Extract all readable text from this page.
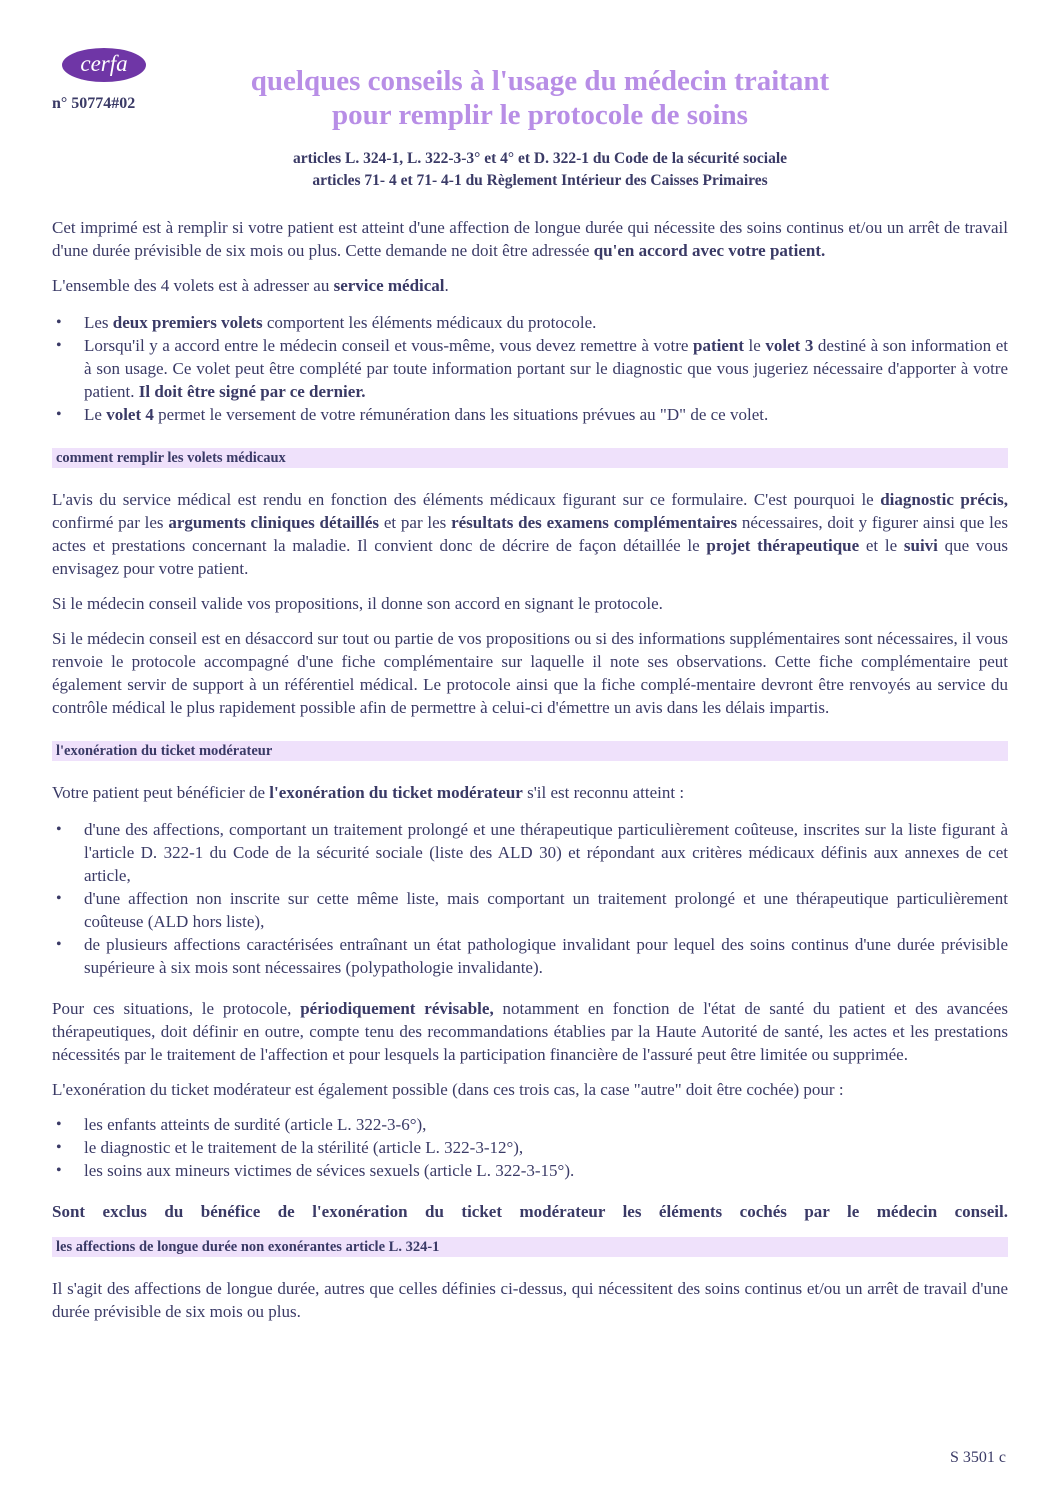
cerfa
n° 50774#02
quelques conseils à l'usage du médecin traitant
pour remplir le protocole de soins
articles L. 324-1, L. 322-3-3° et 4° et D. 322-1 du Code de la sécurité sociale
articles 71- 4 et 71- 4-1 du Règlement Intérieur des Caisses Primaires

Cet imprimé est à remplir si votre patient est atteint d'une affection de longue durée qui nécessite des soins continus et/ou un arrêt de travail d'une durée prévisible de six mois ou plus. Cette demande ne doit être adressée qu'en accord avec votre patient.

L'ensemble des 4 volets est à adresser au service médical.

• Les deux premiers volets comportent les éléments médicaux du protocole.
• Lorsqu'il y a accord entre le médecin conseil et vous-même, vous devez remettre à votre patient le volet 3 destiné à son information et à son usage. Ce volet peut être complété par toute information portant sur le diagnostic que vous jugeriez nécessaire d'apporter à votre patient. Il doit être signé par ce dernier.
• Le volet 4 permet le versement de votre rémunération dans les situations prévues au "D" de ce volet.
comment remplir les volets médicaux

L'avis du service médical est rendu en fonction des éléments médicaux figurant sur ce formulaire. C'est pourquoi le diagnostic précis, confirmé par les arguments cliniques détaillés et par les résultats des examens complémentaires nécessaires, doit y figurer ainsi que les actes et prestations concernant la maladie. Il convient donc de décrire de façon détaillée le projet thérapeutique et le suivi que vous envisagez pour votre patient.

Si le médecin conseil valide vos propositions, il donne son accord en signant le protocole.

Si le médecin conseil est en désaccord sur tout ou partie de vos propositions ou si des informations supplémentaires sont nécessaires, il vous renvoie le protocole accompagné d'une fiche complémentaire sur laquelle il note ses observations. Cette fiche complémentaire peut également servir de support à un référentiel médical. Le protocole ainsi que la fiche complé-mentaire devront être renvoyés au service du contrôle médical le plus rapidement possible afin de permettre à celui-ci d'émettre un avis dans les délais impartis.

l'exonération du ticket modérateur

Votre patient peut bénéficier de l'exonération du ticket modérateur s'il est reconnu atteint :

• d'une des affections, comportant un traitement prolongé et une thérapeutique particulièrement coûteuse, inscrites sur la liste figurant à l'article D. 322-1 du Code de la sécurité sociale (liste des ALD 30) et répondant aux critères médicaux définis aux annexes de cet article,
• d'une affection non inscrite sur cette même liste, mais comportant un traitement prolongé et une thérapeutique particulièrement coûteuse (ALD hors liste),
• de plusieurs affections caractérisées entraînant un état pathologique invalidant pour lequel des soins continus d'une durée prévisible supérieure à six mois sont nécessaires (polypathologie invalidante).

Pour ces situations, le protocole, périodiquement révisable, notamment en fonction de l'état de santé du patient et des avancées thérapeutiques, doit définir en outre, compte tenu des recommandations établies par la Haute Autorité de santé, les actes et les prestations nécessités par le traitement de l'affection et pour lesquels la participation financière de l'assuré peut être limitée ou supprimée.

L'exonération du ticket modérateur est également possible (dans ces trois cas, la case "autre" doit être cochée) pour :

• les enfants atteints de surdité (article L. 322-3-6°),
• le diagnostic et le traitement de la stérilité (article L. 322-3-12°),
• les soins aux mineurs victimes de sévices sexuels (article L. 322-3-15°).

Sont exclus du bénéfice de l'exonération du ticket modérateur les éléments cochés par le médecin conseil.

les affections de longue durée non exonérantes article L. 324-1

Il s'agit des affections de longue durée, autres que celles définies ci-dessus, qui nécessitent des soins continus et/ou un arrêt de travail d'une durée prévisible de six mois ou plus.

S 3501 c
